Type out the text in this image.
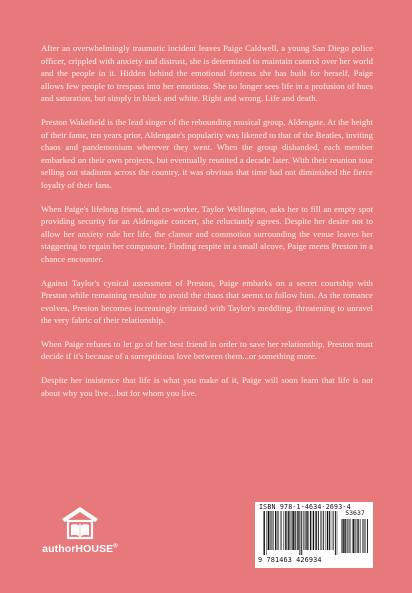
After an overwhelmingly traumatic incident leaves Paige Caldwell, a young San Diego police officer, crippled with anxiety and distrust, she is determined to maintain control over her world and the people in it. Hidden behind the emotional fortress she has built for herself, Paige allows few people to trespass into her emotions. She no longer sees life in a profusion of hues and saturation, but simply in black and white. Right and wrong. Life and death.

Preston Wakefield is the lead singer of the rebounding musical group, Aldengate. At the height of their fame, ten years prior, Aldengate's popularity was likened to that of the Beatles, inviting chaos and pandemonium wherever they went. When the group disbanded, each member embarked on their own projects, but eventually reunited a decade later. With their reunion tour selling out stadiums across the country, it was obvious that time had not diminished the fierce loyalty of their fans.

When Paige's lifelong friend, and co-worker, Taylor Wellington, asks her to fill an empty spot providing security for an Aldengate concert, she reluctantly agrees. Despite her desire not to allow her anxiety rule her life, the clamor and commotion surrounding the venue leaves her staggering to regain her composure. Finding respite in a small alcove, Paige meets Preston in a chance encounter.

Against Taylor's cynical assessment of Preston, Paige embarks on a secret courtship with Preston while remaining resolute to avoid the chaos that seems to follow him. As the romance evolves, Preston becomes increasingly irritated with Taylor's meddling, threatening to unravel the very fabric of their relationship.

When Paige refuses to let go of her best friend in order to save her relationship, Preston must decide if it's because of a surreptitious love between them...or something more.

Despite her insistence that life is what you make of it, Paige will soon learn that life is not about why you live…but for whom you live.

authorHOUSE®
ISBN 978-1-4634-2693-4
53637
9 781463 426934
